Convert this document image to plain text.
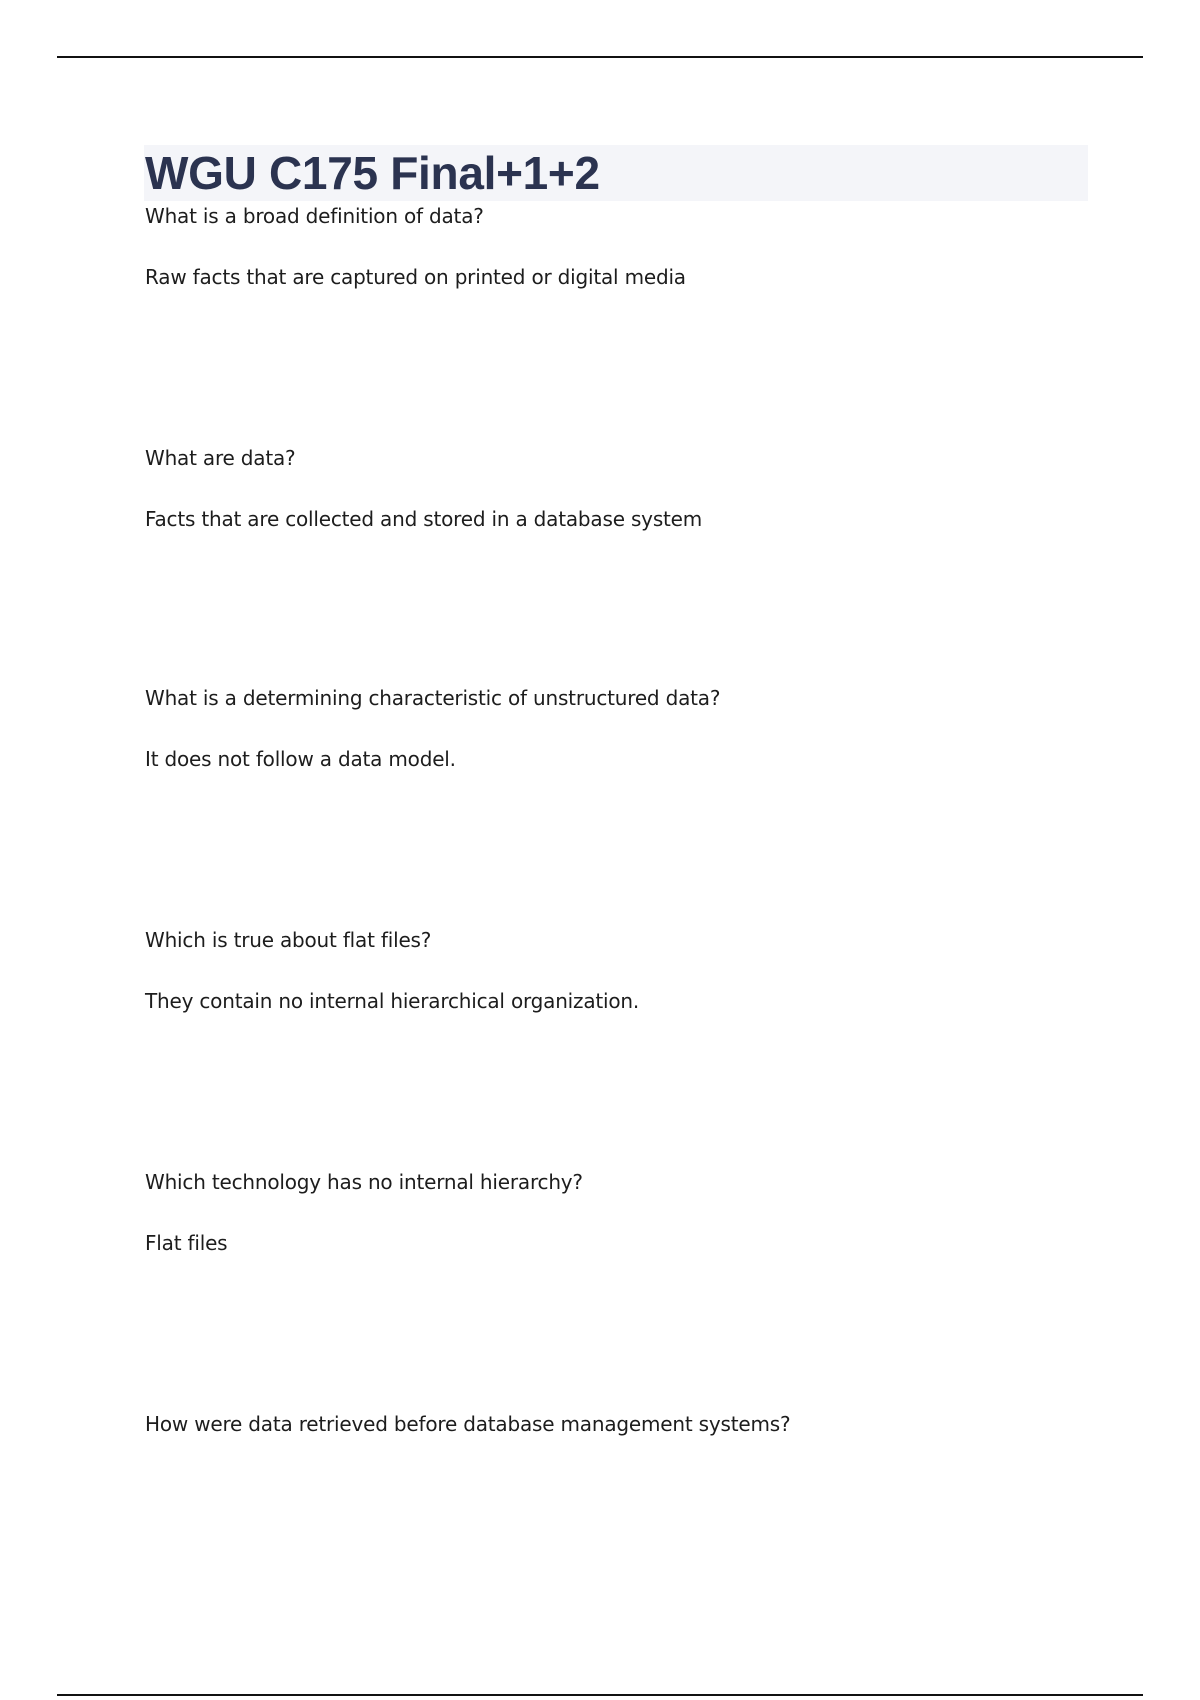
WGU C175 Final+1+2

What is a broad definition of data?

Raw facts that are captured on printed or digital media

What are data?

Facts that are collected and stored in a database system

What is a determining characteristic of unstructured data?

It does not follow a data model.

Which is true about flat files?

They contain no internal hierarchical organization.

Which technology has no internal hierarchy?

Flat files

How were data retrieved before database management systems?
